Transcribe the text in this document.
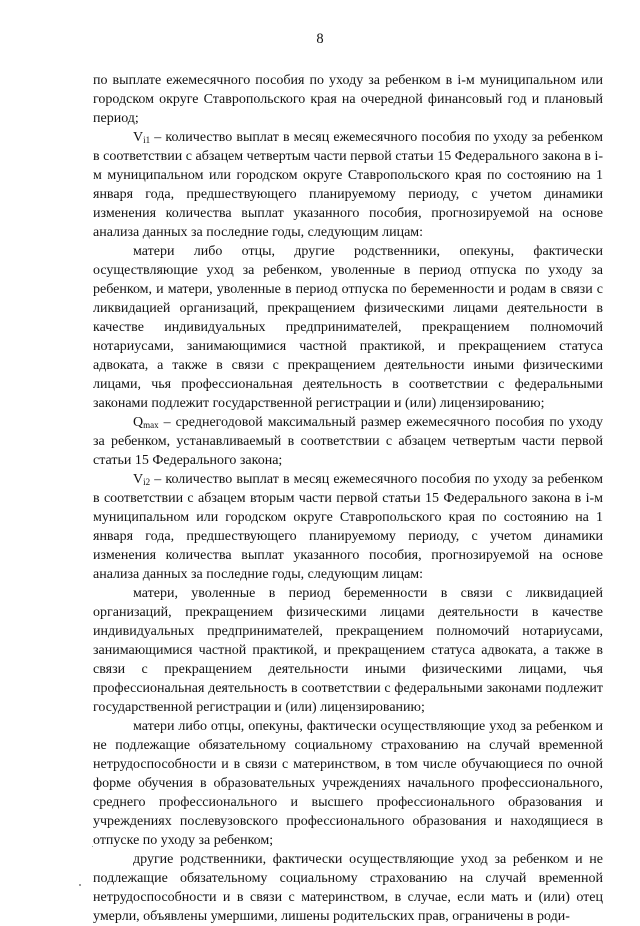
8

по выплате ежемесячного пособия по уходу за ребенком в i-м муниципальном или городском округе Ставропольского края на очередной финансовый год и плановый период;

$V_{i1}$ – количество выплат в месяц ежемесячного пособия по уходу за ребенком в соответствии с абзацем четвертым части первой статьи 15 Федерального закона в i-м муниципальном или городском округе Ставропольского края по состоянию на 1 января года, предшествующего планируемому периоду, с учетом динамики изменения количества выплат указанного пособия, прогнозируемой на основе анализа данных за последние годы, следующим лицам:

матери либо отцы, другие родственники, опекуны, фактически осуществляющие уход за ребенком, уволенные в период отпуска по уходу за ребенком, и матери, уволенные в период отпуска по беременности и родам в связи с ликвидацией организаций, прекращением физическими лицами деятельности в качестве индивидуальных предпринимателей, прекращением полномочий нотариусами, занимающимися частной практикой, и прекращением статуса адвоката, а также в связи с прекращением деятельности иными физическими лицами, чья профессиональная деятельность в соответствии с федеральными законами подлежит государственной регистрации и (или) лицензированию;

$Q_{max}$ – среднегодовой максимальный размер ежемесячного пособия по уходу за ребенком, устанавливаемый в соответствии с абзацем четвертым части первой статьи 15 Федерального закона;

$V_{i2}$ – количество выплат в месяц ежемесячного пособия по уходу за ребенком в соответствии с абзацем вторым части первой статьи 15 Федерального закона в i-м муниципальном или городском округе Ставропольского края по состоянию на 1 января года, предшествующего планируемому периоду, с учетом динамики изменения количества выплат указанного пособия, прогнозируемой на основе анализа данных за последние годы, следующим лицам:

матери, уволенные в период беременности в связи с ликвидацией организаций, прекращением физическими лицами деятельности в качестве индивидуальных предпринимателей, прекращением полномочий нотариусами, занимающимися частной практикой, и прекращением статуса адвоката, а также в связи с прекращением деятельности иными физическими лицами, чья профессиональная деятельность в соответствии с федеральными законами подлежит государственной регистрации и (или) лицензированию;

матери либо отцы, опекуны, фактически осуществляющие уход за ребенком и не подлежащие обязательному социальному страхованию на случай временной нетрудоспособности и в связи с материнством, в том числе обучающиеся по очной форме обучения в образовательных учреждениях начального профессионального, среднего профессионального и высшего профессионального образования и учреждениях послевузовского профессионального образования и находящиеся в отпуске по уходу за ребенком;

другие родственники, фактически осуществляющие уход за ребенком и не подлежащие обязательному социальному страхованию на случай временной нетрудоспособности и в связи с материнством, в случае, если мать и (или) отец умерли, объявлены умершими, лишены родительских прав, ограничены в роди-
